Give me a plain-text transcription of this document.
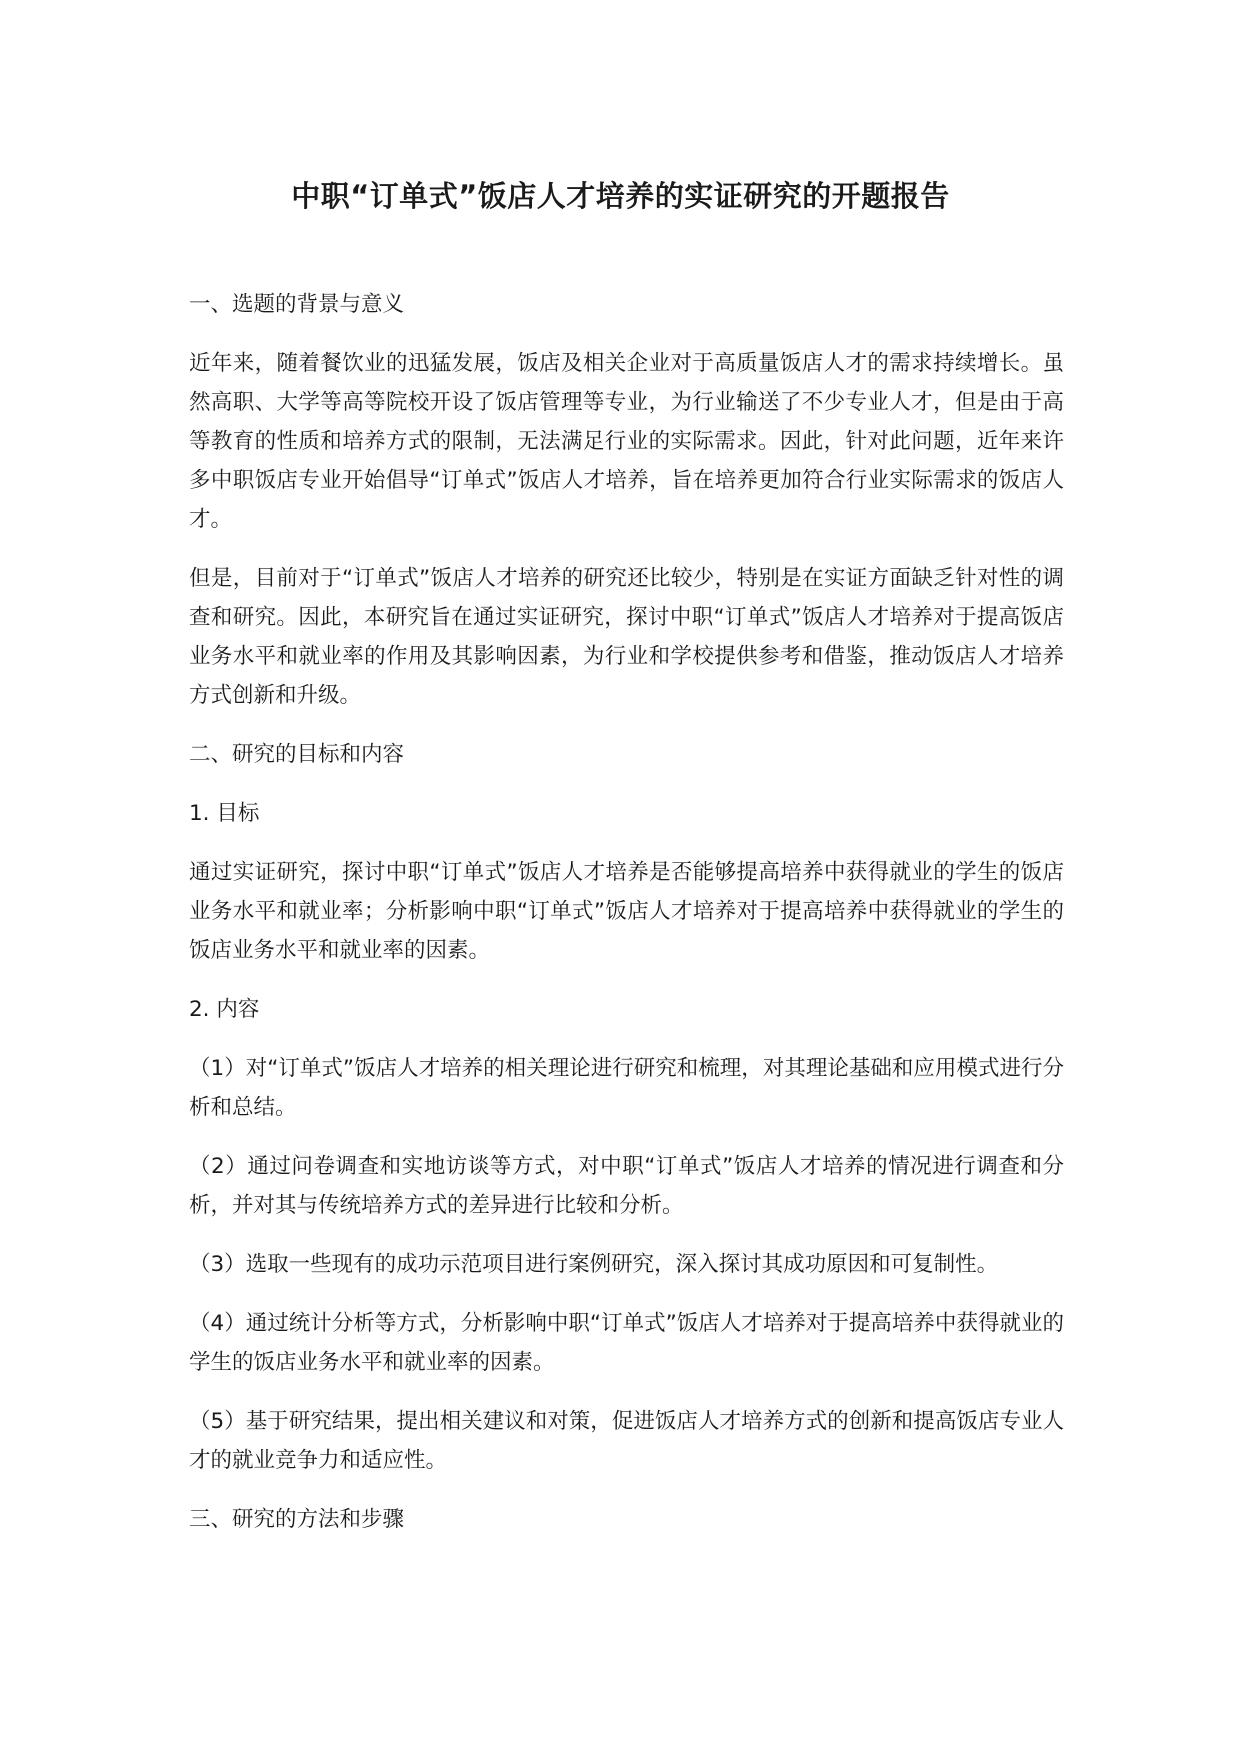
中职“订单式”饭店人才培养的实证研究的开题报告

一、选题的背景与意义

近年来，随着餐饮业的迅猛发展，饭店及相关企业对于高质量饭店人才的需求持续增长。虽然高职、大学等高等院校开设了饭店管理等专业，为行业输送了不少专业人才，但是由于高等教育的性质和培养方式的限制，无法满足行业的实际需求。因此，针对此问题，近年来许多中职饭店专业开始倡导“订单式”饭店人才培养，旨在培养更加符合行业实际需求的饭店人才。

但是，目前对于“订单式”饭店人才培养的研究还比较少，特别是在实证方面缺乏针对性的调查和研究。因此，本研究旨在通过实证研究，探讨中职“订单式”饭店人才培养对于提高饭店业务水平和就业率的作用及其影响因素，为行业和学校提供参考和借鉴，推动饭店人才培养方式创新和升级。

二、研究的目标和内容

1. 目标

通过实证研究，探讨中职“订单式”饭店人才培养是否能够提高培养中获得就业的学生的饭店业务水平和就业率；分析影响中职“订单式”饭店人才培养对于提高培养中获得就业的学生的饭店业务水平和就业率的因素。

2. 内容

（1）对“订单式”饭店人才培养的相关理论进行研究和梳理，对其理论基础和应用模式进行分析和总结。

（2）通过问卷调查和实地访谈等方式，对中职“订单式”饭店人才培养的情况进行调查和分析，并对其与传统培养方式的差异进行比较和分析。

（3）选取一些现有的成功示范项目进行案例研究，深入探讨其成功原因和可复制性。

（4）通过统计分析等方式，分析影响中职“订单式”饭店人才培养对于提高培养中获得就业的学生的饭店业务水平和就业率的因素。

（5）基于研究结果，提出相关建议和对策，促进饭店人才培养方式的创新和提高饭店专业人才的就业竞争力和适应性。

三、研究的方法和步骤
